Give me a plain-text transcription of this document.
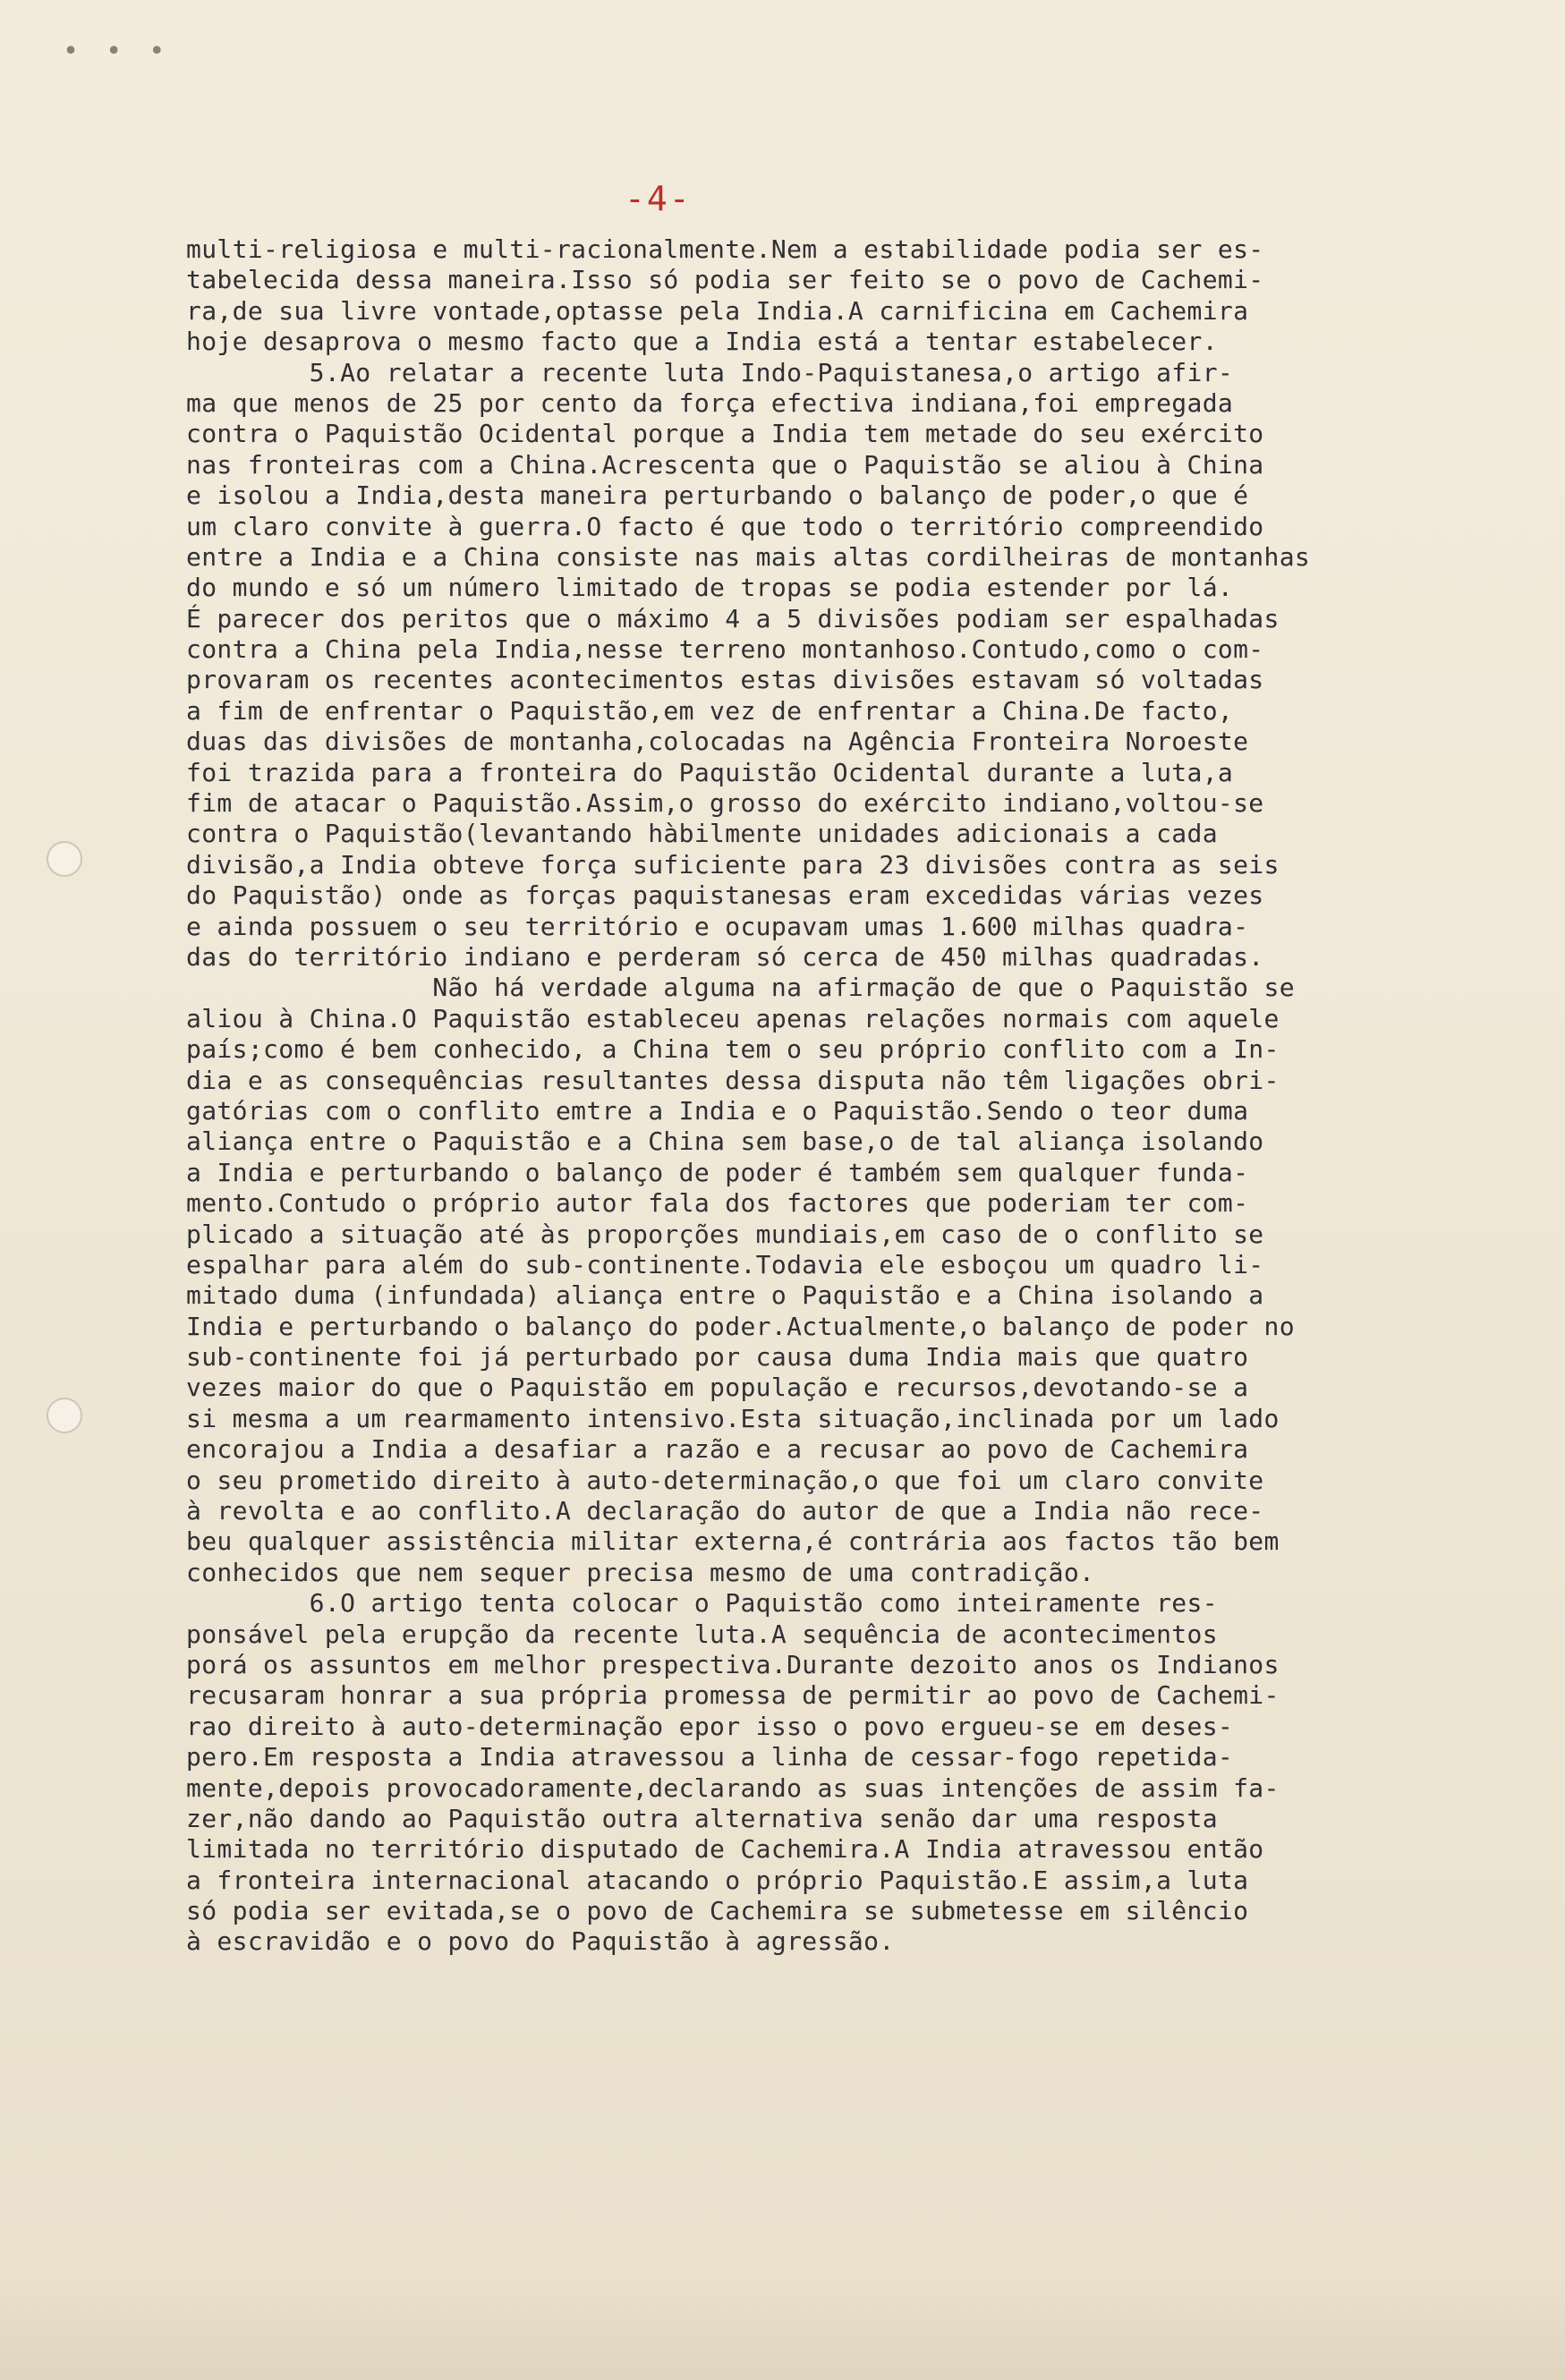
• • •
-4-
multi-religiosa e multi-racionalmente.Nem a estabilidade podia ser es-
tabelecida dessa maneira.Isso só podia ser feito se o povo de Cachemi-
ra,de sua livre vontade,optasse pela India.A carnificina em Cachemira
hoje desaprova o mesmo facto que a India está a tentar estabelecer.
5.Ao relatar a recente luta Indo-Paquistanesa,o artigo afir-
ma que menos de 25 por cento da força efectiva indiana,foi empregada
contra o Paquistão Ocidental porque a India tem metade do seu exército
nas fronteiras com a China.Acrescenta que o Paquistão se aliou à China
e isolou a India,desta maneira perturbando o balanço de poder,o que é
um claro convite à guerra.O facto é que todo o território compreendido
entre a India e a China consiste nas mais altas cordilheiras de montanhas
do mundo e só um número limitado de tropas se podia estender por lá.
É parecer dos peritos que o máximo 4 a 5 divisões podiam ser espalhadas
contra a China pela India,nesse terreno montanhoso.Contudo,como o com-
provaram os recentes acontecimentos estas divisões estavam só voltadas
a fim de enfrentar o Paquistão,em vez de enfrentar a China.De facto,
duas das divisões de montanha,colocadas na Agência Fronteira Noroeste
foi trazida para a fronteira do Paquistão Ocidental durante a luta,a
fim de atacar o Paquistão.Assim,o grosso do exército indiano,voltou-se
contra o Paquistão(levantando hàbilmente unidades adicionais a cada
divisão,a India obteve força suficiente para 23 divisões contra as seis
do Paquistão) onde as forças paquistanesas eram excedidas várias vezes
e ainda possuem o seu território e ocupavam umas 1.600 milhas quadra-
das do território indiano e perderam só cerca de 450 milhas quadradas.
Não há verdade alguma na afirmação de que o Paquistão se
aliou à China.O Paquistão estableceu apenas relações normais com aquele
país;como é bem conhecido, a China tem o seu próprio conflito com a In-
dia e as consequências resultantes dessa disputa não têm ligações obri-
gatórias com o conflito emtre a India e o Paquistão.Sendo o teor duma
aliança entre o Paquistão e a China sem base,o de tal aliança isolando
a India e perturbando o balanço de poder é também sem qualquer funda-
mento.Contudo o próprio autor fala dos factores que poderiam ter com-
plicado a situação até às proporções mundiais,em caso de o conflito se
espalhar para além do sub-continente.Todavia ele esboçou um quadro li-
mitado duma (infundada) aliança entre o Paquistão e a China isolando a
India e perturbando o balanço do poder.Actualmente,o balanço de poder no
sub-continente foi já perturbado por causa duma India mais que quatro
vezes maior do que o Paquistão em população e recursos,devotando-se a
si mesma a um rearmamento intensivo.Esta situação,inclinada por um lado
encorajou a India a desafiar a razão e a recusar ao povo de Cachemira
o seu prometido direito à auto-determinação,o que foi um claro convite
à revolta e ao conflito.A declaração do autor de que a India não rece-
beu qualquer assistência militar externa,é contrária aos factos tão bem
conhecidos que nem sequer precisa mesmo de uma contradição.
6.O artigo tenta colocar o Paquistão como inteiramente res-
ponsável pela erupção da recente luta.A sequência de acontecimentos
porá os assuntos em melhor prespectiva.Durante dezoito anos os Indianos
recusaram honrar a sua própria promessa de permitir ao povo de Cachemi-
rao direito à auto-determinação epor isso o povo ergueu-se em deses-
pero.Em resposta a India atravessou a linha de cessar-fogo repetida-
mente,depois provocadoramente,declarando as suas intenções de assim fa-
zer,não dando ao Paquistão outra alternativa senão dar uma resposta
limitada no território disputado de Cachemira.A India atravessou então
a fronteira internacional atacando o próprio Paquistão.E assim,a luta
só podia ser evitada,se o povo de Cachemira se submetesse em silêncio
à escravidão e o povo do Paquistão à agressão.
